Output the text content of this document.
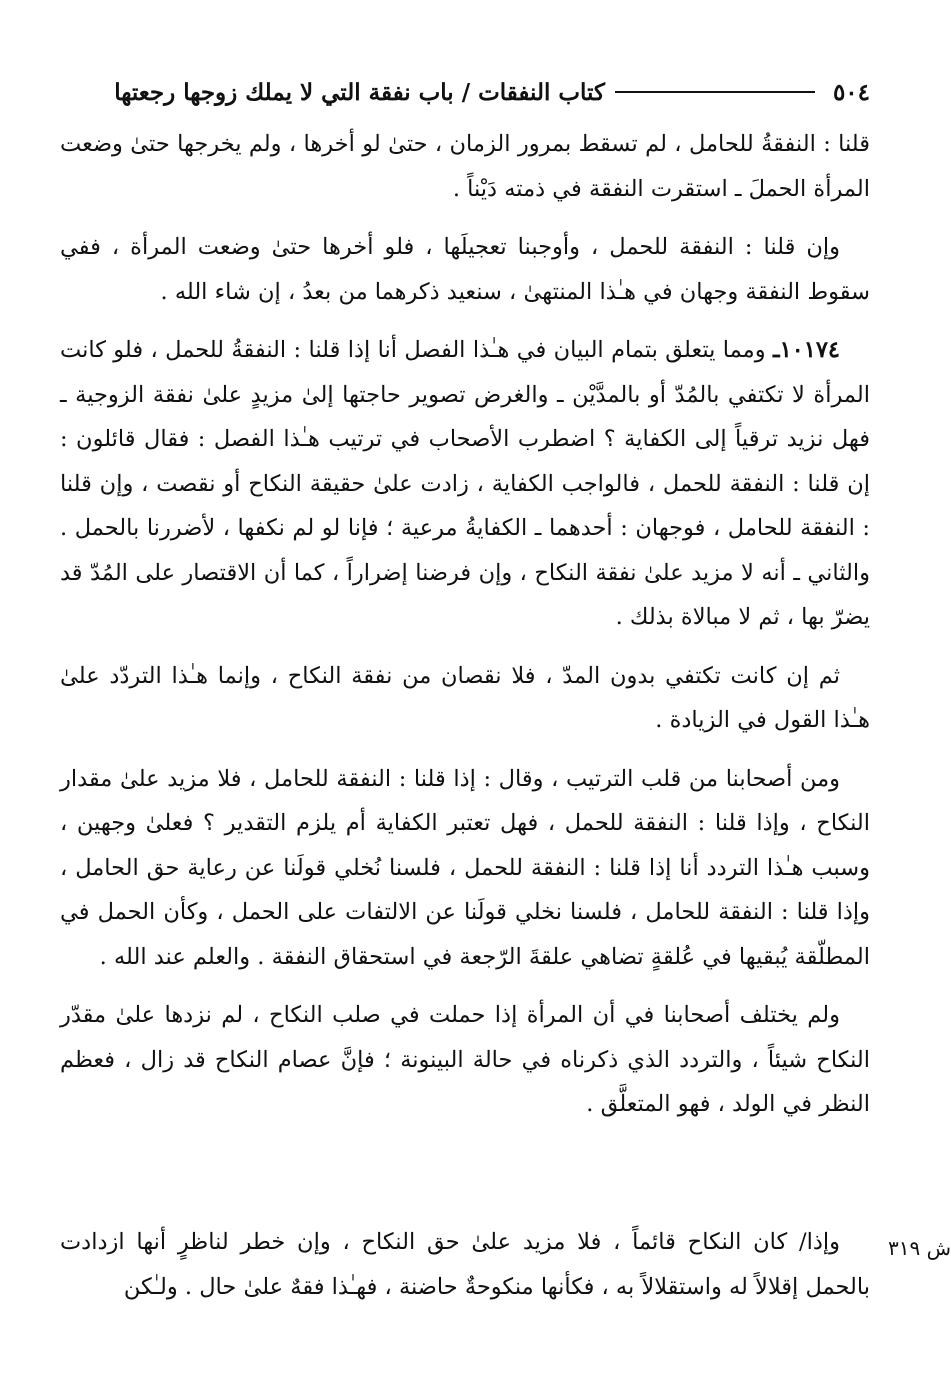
٥٠٤
كتاب النفقات / باب نفقة التي لا يملك زوجها رجعتها

قلنا : النفقةُ للحامل ، لم تسقط بمرور الزمان ، حتىٰ لو أخرها ، ولم يخرجها حتىٰ وضعت المرأة الحملَ ـ استقرت النفقة في ذمته دَيْناً .

وإن قلنا : النفقة للحمل ، وأوجبنا تعجيلَها ، فلو أخرها حتىٰ وضعت المرأة ، ففي سقوط النفقة وجهان في هـٰذا المنتهىٰ ، سنعيد ذكرهما من بعدُ ، إن شاء الله .

١٠١٧٤ـ ومما يتعلق بتمام البيان في هـٰذا الفصل أنا إذا قلنا : النفقةُ للحمل ، فلو كانت المرأة لا تكتفي بالمُدّ أو بالمدَّيْن ـ والغرض تصوير حاجتها إلىٰ مزيدٍ علىٰ نفقة الزوجية ـ فهل نزيد ترقياً إلى الكفاية ؟ اضطرب الأصحاب في ترتيب هـٰذا الفصل : فقال قائلون : إن قلنا : النفقة للحمل ، فالواجب الكفاية ، زادت علىٰ حقيقة النكاح أو نقصت ، وإن قلنا : النفقة للحامل ، فوجهان : أحدهما ـ الكفايةُ مرعية ؛ فإنا لو لم نكفها ، لأضررنا بالحمل . والثاني ـ أنه لا مزيد علىٰ نفقة النكاح ، وإن فرضنا إضراراً ، كما أن الاقتصار على المُدّ قد يضرّ بها ، ثم لا مبالاة بذلك .

ثم إن كانت تكتفي بدون المدّ ، فلا نقصان من نفقة النكاح ، وإنما هـٰذا التردّد علىٰ هـٰذا القول في الزيادة .

ومن أصحابنا من قلب الترتيب ، وقال : إذا قلنا : النفقة للحامل ، فلا مزيد علىٰ مقدار النكاح ، وإذا قلنا : النفقة للحمل ، فهل تعتبر الكفاية أم يلزم التقدير ؟ فعلىٰ وجهين ، وسبب هـٰذا التردد أنا إذا قلنا : النفقة للحمل ، فلسنا نُخلي قولَنا عن رعاية حق الحامل ، وإذا قلنا : النفقة للحامل ، فلسنا نخلي قولَنا عن الالتفات على الحمل ، وكأن الحمل في المطلّقة يُبقيها في عُلقةٍ تضاهي علقةَ الرّجعة في استحقاق النفقة . والعلم عند الله .

ولم يختلف أصحابنا في أن المرأة إذا حملت في صلب النكاح ، لم نزدها علىٰ مقدّر النكاح شيئاً ، والتردد الذي ذكرناه في حالة البينونة ؛ فإنَّ عصام النكاح قد زال ، فعظم النظر في الولد ، فهو المتعلَّق .

وإذا/ كان النكاح قائماً ، فلا مزيد علىٰ حق النكاح ، وإن خطر لناظرٍ أنها ازدادت بالحمل إقلالاً له واستقلالاً به ، فكأنها منكوحةٌ حاضنة ، فهـٰذا فقهٌ علىٰ حال . ولـٰكن
ش ٣١٩
